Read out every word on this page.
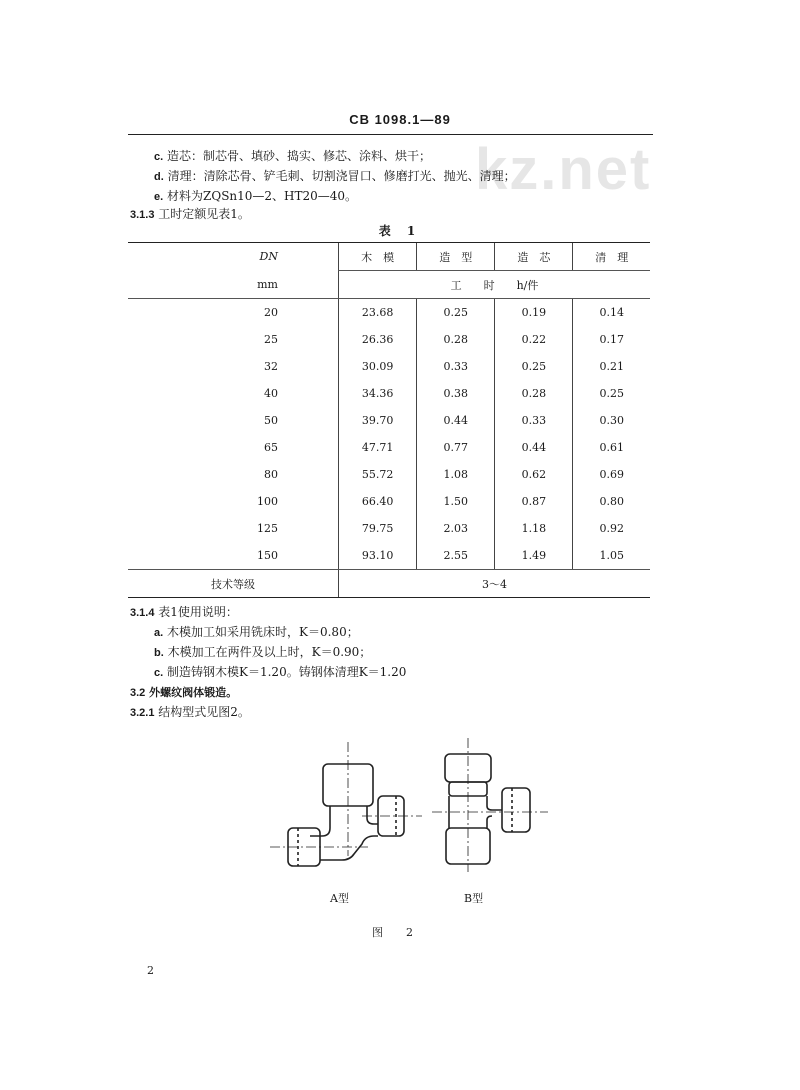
CB 1098.1—89
kz.net
c. 造芯：制芯骨、填砂、捣实、修芯、涂料、烘干；
d. 清理：清除芯骨、铲毛刺、切割浇冒口、修磨打光、抛光、清理；
e. 材料为ZQSn10—2、HT20—40。
3.1.3 工时定额见表1。
表 1
DN	木　模	造　型	造　芯	清　理
mm	工　　时　　h/件			
20	23.68	0.25	0.19	0.14
25	26.36	0.28	0.22	0.17
32	30.09	0.33	0.25	0.21
40	34.36	0.38	0.28	0.25
50	39.70	0.44	0.33	0.30
65	47.71	0.77	0.44	0.61
80	55.72	1.08	0.62	0.69
100	66.40	1.50	0.87	0.80
125	79.75	2.03	1.18	0.92
150	93.10	2.55	1.49	1.05
技术等级	3～4			
3.1.4 表1使用说明：
a. 木模加工如采用铣床时，K＝0.80；
b. 木模加工在两件及以上时，K＝0.90；
c. 制造铸钢木模K＝1.20。铸钢体清理K＝1.20
3.2 外螺纹阀体锻造。
3.2.1 结构型式见图2。
A型	B型
图　2
2
